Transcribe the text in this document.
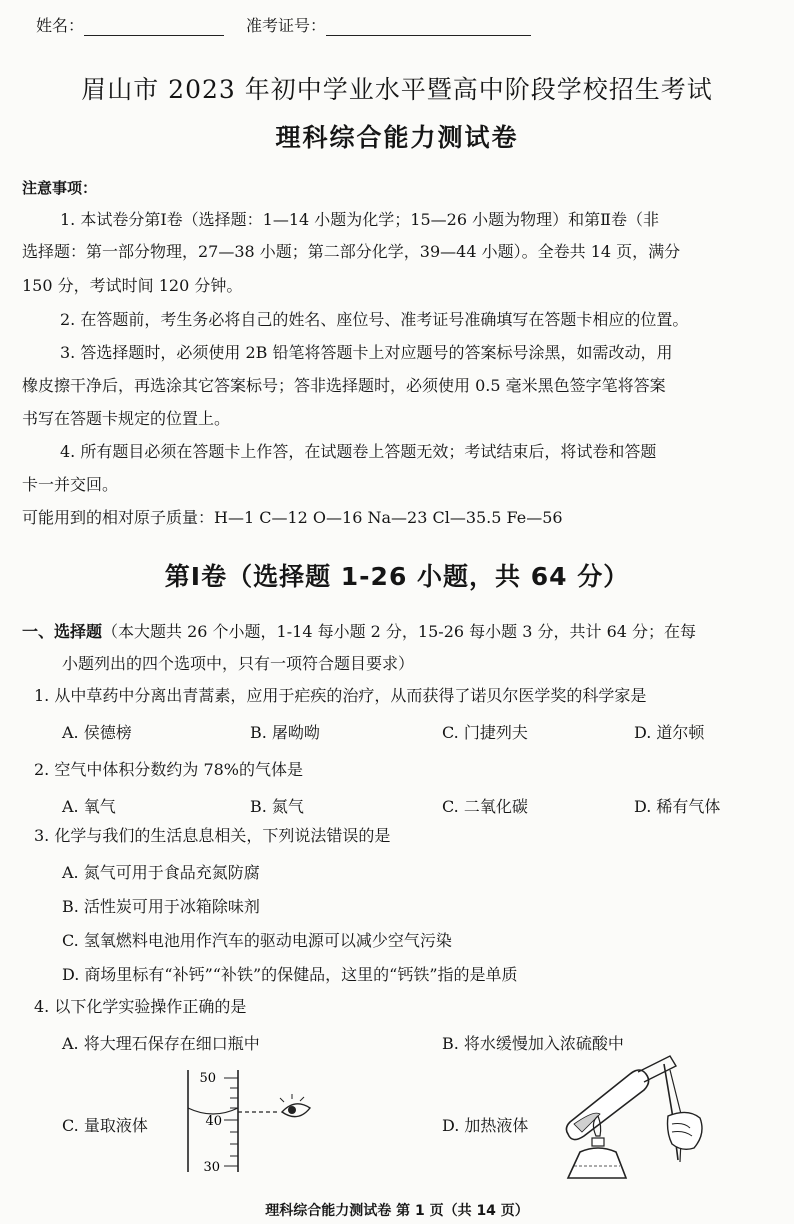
姓名：	准考证号：
眉山市 2023 年初中学业水平暨高中阶段学校招生考试
理科综合能力测试卷
注意事项：
1. 本试卷分第Ⅰ卷（选择题：1—14 小题为化学；15—26 小题为物理）和第Ⅱ卷（非
选择题：第一部分物理，27—38 小题；第二部分化学，39—44 小题）。全卷共 14 页，满分
150 分，考试时间 120 分钟。
2. 在答题前，考生务必将自己的姓名、座位号、准考证号准确填写在答题卡相应的位置。
3. 答选择题时，必须使用 2B 铅笔将答题卡上对应题号的答案标号涂黑，如需改动，用
橡皮擦干净后，再选涂其它答案标号；答非选择题时，必须使用 0.5 毫米黑色签字笔将答案
书写在答题卡规定的位置上。
4. 所有题目必须在答题卡上作答，在试题卷上答题无效；考试结束后，将试卷和答题
卡一并交回。
可能用到的相对原子质量：H—1 C—12 O—16 Na—23 Cl—35.5 Fe—56
第Ⅰ卷（选择题 1-26 小题，共 64 分）
一、选择题（本大题共 26 个小题，1-14 每小题 2 分，15-26 每小题 3 分，共计 64 分；在每
小题列出的四个选项中，只有一项符合题目要求）
1. 从中草药中分离出青蒿素，应用于疟疾的治疗，从而获得了诺贝尔医学奖的科学家是
A. 侯德榜	B. 屠呦呦	C. 门捷列夫	D. 道尔顿
2. 空气中体积分数约为 78%的气体是
A. 氧气	B. 氮气	C. 二氧化碳	D. 稀有气体
3. 化学与我们的生活息息相关，下列说法错误的是
A. 氮气可用于食品充氮防腐
B. 活性炭可用于冰箱除味剂
C. 氢氧燃料电池用作汽车的驱动电源可以减少空气污染
D. 商场里标有“补钙”“补铁”的保健品，这里的“钙铁”指的是单质
4. 以下化学实验操作正确的是
A. 将大理石保存在细口瓶中	B. 将水缓慢加入浓硫酸中
C. 量取液体	D. 加热液体
50
40
30
理科综合能力测试卷 第 1 页（共 14 页）
